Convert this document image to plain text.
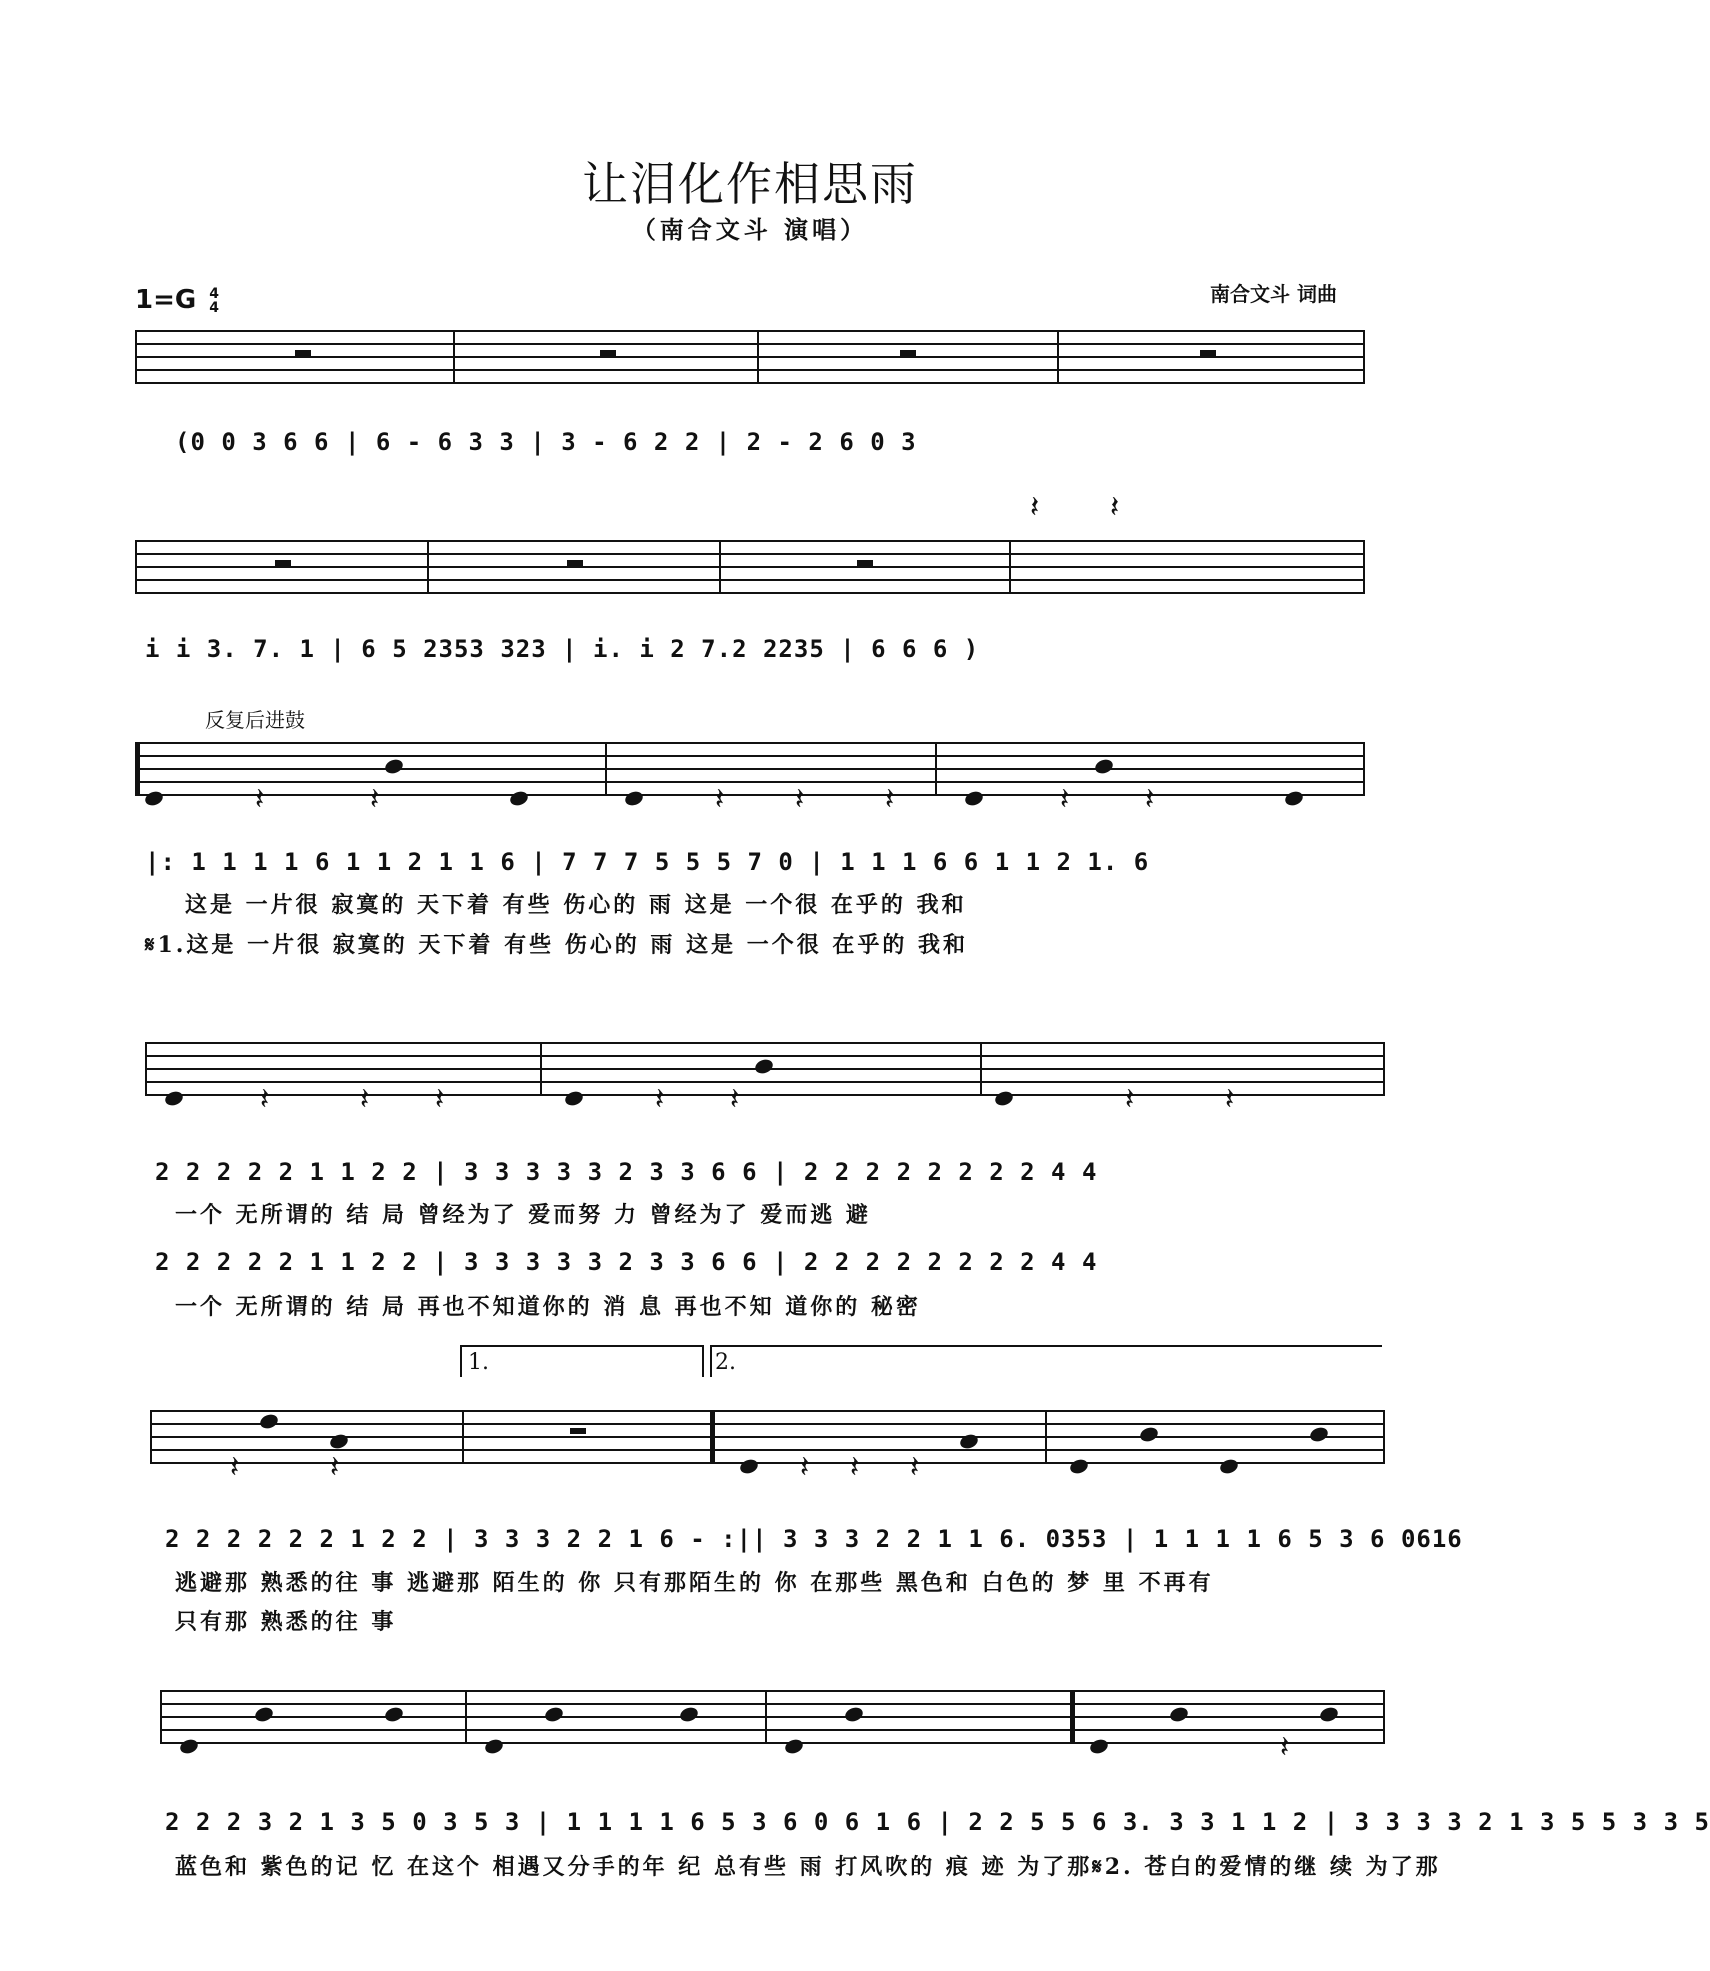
让泪化作相思雨
（南合文斗 演唱）
1=G 4
4
南合文斗 词曲
(0 0 3 6 6 | 6 - 6 3 3 | 3 - 6 2 2 | 2 - 2 6 0 3
𝄽 𝄽
i i 3. 7. 1 | 6 5 2353 323 | i. i 2 7.2 2235 | 6 6 6 )
反复后进鼓
𝄽	𝄽	𝄽 𝄽	𝄽	𝄽	𝄽
|: 1 1 1 1 6 1 1 2 1 1 6 | 7 7 7 5 5 5 7 0 | 1 1 1 6 6 1 1 2 1. 6
这是 一片很 寂寞的 天下着 有些 伤心的 雨 这是 一个很 在乎的 我和
𝄋1.这是 一片很 寂寞的 天下着 有些 伤心的 雨 这是 一个很 在乎的 我和
𝄽	𝄽 𝄽	𝄽 𝄽	𝄽	𝄽
2 2 2 2 2 1 1 2 2 | 3 3 3 3 3 2 3 3 6 6 | 2 2 2 2 2 2 2 2 4 4
一个 无所谓的 结 局 曾经为了 爱而努 力 曾经为了 爱而逃 避
2 2 2 2 2 1 1 2 2 | 3 3 3 3 3 2 3 3 6 6 | 2 2 2 2 2 2 2 2 4 4
一个 无所谓的 结 局 再也不知道你的 消 息 再也不知 道你的 秘密
1.	2.
𝄽	𝄽	𝄽 𝄽 𝄽
2 2 2 2 2 2 1 2 2 | 3 3 3 2 2 1 6 - :|| 3 3 3 2 2 1 1 6. 0353 | 1 1 1 1 6 5 3 6 0616
逃避那 熟悉的往 事 逃避那 陌生的 你 只有那陌生的 你 在那些 黑色和 白色的 梦 里 不再有
只有那 熟悉的往 事
𝄽
2 2 2 3 2 1 3 5 0 3 5 3 | 1 1 1 1 6 5 3 6 0 6 1 6 | 2 2 5 5 6 3. 3 3 1 1 2 | 3 3 3 3 2 1 3 5 5 3 3 5
蓝色和 紫色的记 忆 在这个 相遇又分手的年 纪 总有些 雨 打风吹的 痕 迹 为了那𝄋2. 苍白的爱情的继 续 为了那
